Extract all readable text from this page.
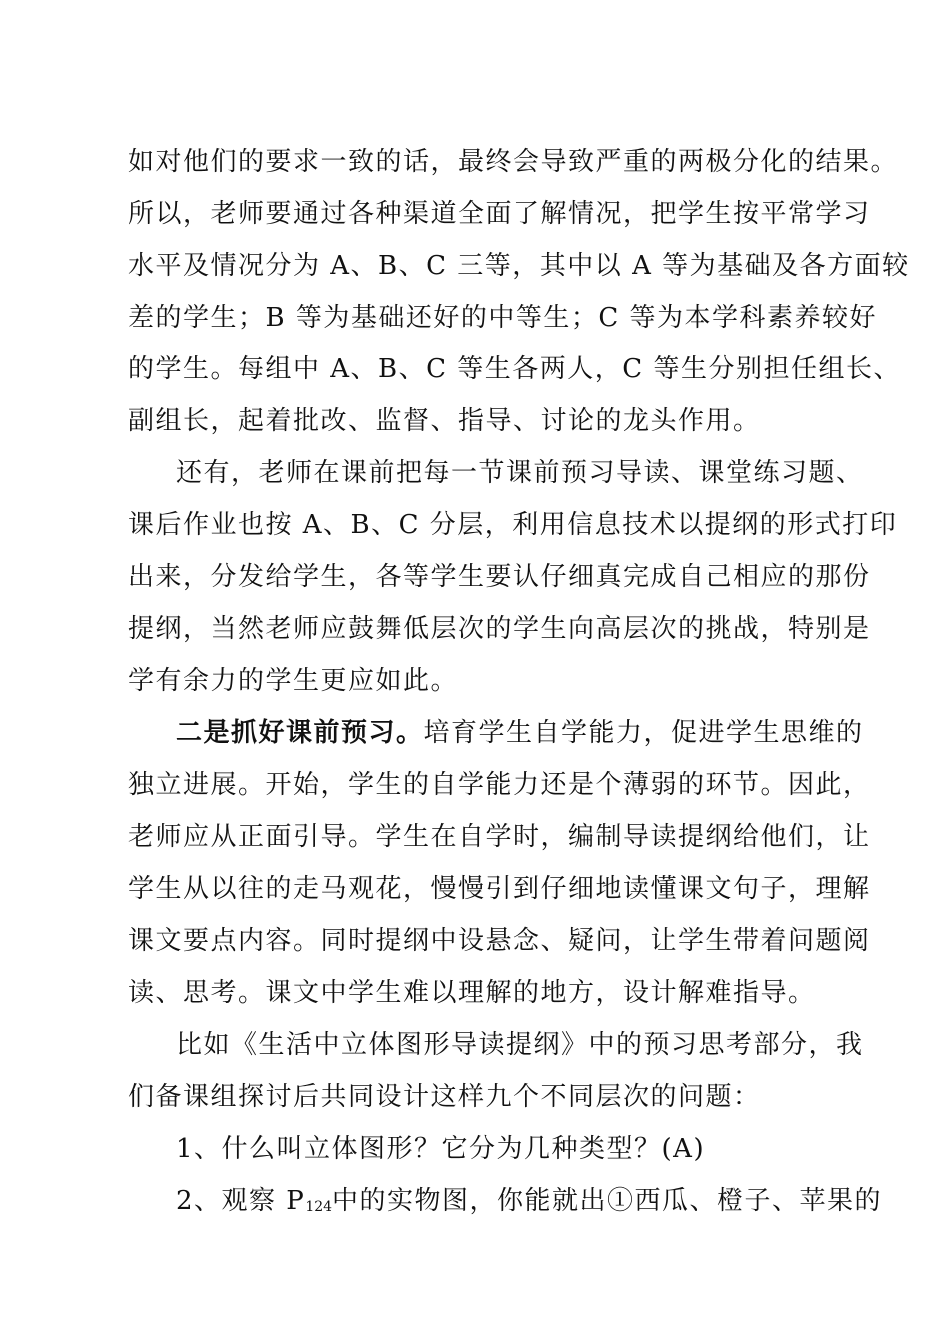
如对他们的要求一致的话，最终会导致严重的两极分化的结果。
所以，老师要通过各种渠道全面了解情况，把学生按平常学习
水平及情况分为 A、B、C 三等，其中以 A 等为基础及各方面较
差的学生；B 等为基础还好的中等生；C 等为本学科素养较好
的学生。每组中 A、B、C 等生各两人，C 等生分别担任组长、
副组长，起着批改、监督、指导、讨论的龙头作用。
还有，老师在课前把每一节课前预习导读、课堂练习题、
课后作业也按 A、B、C 分层，利用信息技术以提纲的形式打印
出来，分发给学生，各等学生要认仔细真完成自己相应的那份
提纲，当然老师应鼓舞低层次的学生向高层次的挑战，特别是
学有余力的学生更应如此。
二是抓好课前预习。培育学生自学能力，促进学生思维的
独立进展。开始，学生的自学能力还是个薄弱的环节。因此，
老师应从正面引导。学生在自学时，编制导读提纲给他们，让
学生从以往的走马观花，慢慢引到仔细地读懂课文句子，理解
课文要点内容。同时提纲中设悬念、疑问，让学生带着问题阅
读、思考。课文中学生难以理解的地方，设计解难指导。
比如《生活中立体图形导读提纲》中的预习思考部分，我
们备课组探讨后共同设计这样九个不同层次的问题：
1、什么叫立体图形？它分为几种类型？(A)
2、观察 $P_{124}$中的实物图，你能就出①西瓜、橙子、苹果的
